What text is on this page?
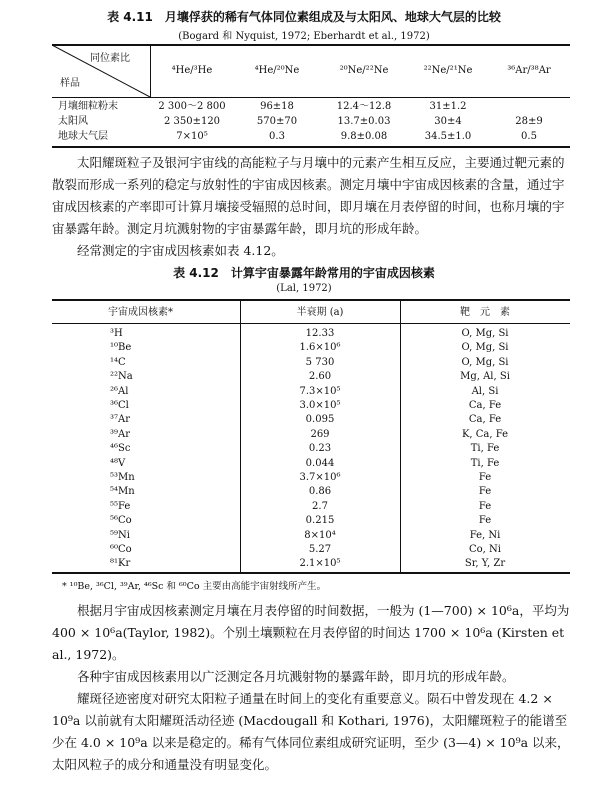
表 4.11　月壤俘获的稀有气体同位素组成及与太阳风、地球大气层的比较
(Bogard 和 Nyquist, 1972; Eberhardt et al., 1972)
同位素比
样品
⁴He/³He	⁴He/²⁰Ne	²⁰Ne/²²Ne	²²Ne/²¹Ne	³⁶Ar/³⁸Ar
月壤细粒粉末	2 300～2 800	96±18	12.4～12.8	31±1.2
太阳风	2 350±120	570±70	13.7±0.03	30±4	28±9
地球大气层	7×10⁵	0.3	9.8±0.08	34.5±1.0	0.5

太阳耀斑粒子及银河宇宙线的高能粒子与月壤中的元素产生相互反应，主要通过靶元素的散裂而形成一系列的稳定与放射性的宇宙成因核素。测定月壤中宇宙成因核素的含量，通过宇宙成因核素的产率即可计算月壤接受辐照的总时间，即月壤在月表停留的时间，也称月壤的宇宙暴露年龄。测定月坑溅射物的宇宙暴露年龄，即月坑的形成年龄。

经常测定的宇宙成因核素如表 4.12。

表 4.12　计算宇宙暴露年龄常用的宇宙成因核素
(Lal, 1972)
宇宙成因核素*	半衰期 (a)	靶　元　素
³H	12.33	O, Mg, Si
¹⁰Be	1.6×10⁶	O, Mg, Si
¹⁴C	5 730	O, Mg, Si
²²Na	2.60	Mg, Al, Si
²⁶Al	7.3×10⁵	Al, Si
³⁶Cl	3.0×10⁵	Ca, Fe
³⁷Ar	0.095	Ca, Fe
³⁹Ar	269	K, Ca, Fe
⁴⁶Sc	0.23	Ti, Fe
⁴⁸V	0.044	Ti, Fe
⁵³Mn	3.7×10⁶	Fe
⁵⁴Mn	0.86	Fe
⁵⁵Fe	2.7	Fe
⁵⁶Co	0.215	Fe
⁵⁹Ni	8×10⁴	Fe, Ni
⁶⁰Co	5.27	Co, Ni
⁸¹Kr	2.1×10⁵	Sr, Y, Zr
* ¹⁰Be, ³⁶Cl, ³⁹Ar, ⁴⁶Sc 和 ⁶⁰Co 主要由高能宇宙射线所产生。

根据月宇宙成因核素测定月壤在月表停留的时间数据，一般为 (1—700) × 10⁶a，平均为 400 × 10⁶a(Taylor, 1982)。个别土壤颗粒在月表停留的时间达 1700 × 10⁶a (Kirsten et al., 1972)。

各种宇宙成因核素用以广泛测定各月坑溅射物的暴露年龄，即月坑的形成年龄。

耀斑径迹密度对研究太阳粒子通量在时间上的变化有重要意义。陨石中曾发现在 4.2 × 10⁹a 以前就有太阳耀斑活动径迹 (Macdougall 和 Kothari, 1976)，太阳耀斑粒子的能谱至少在 4.0 × 10⁹a 以来是稳定的。稀有气体同位素组成研究证明，至少 (3—4) × 10⁹a 以来，太阳风粒子的成分和通量没有明显变化。
